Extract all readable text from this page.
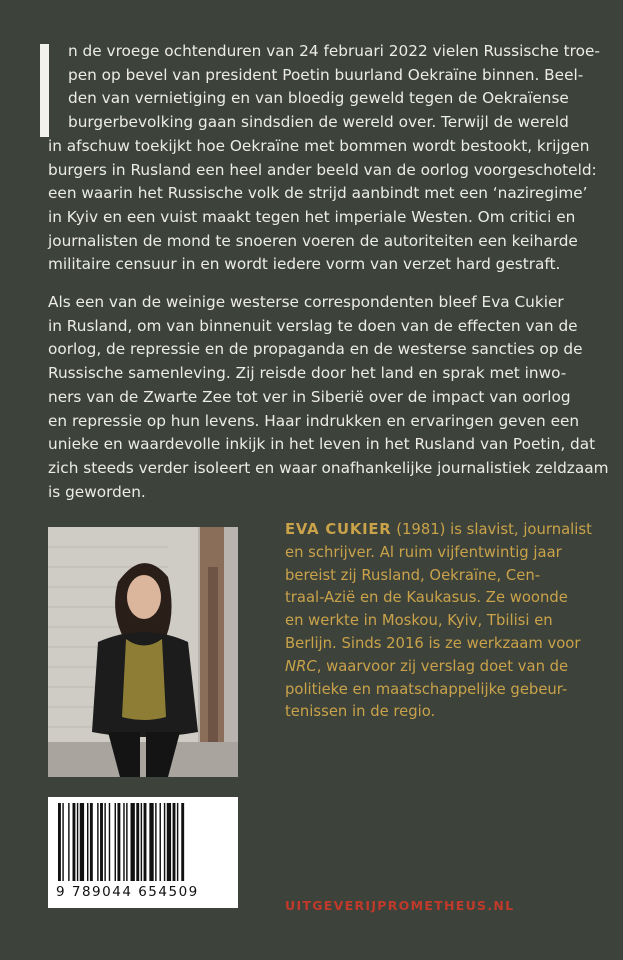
n de vroege ochtenduren van 24 februari 2022 vielen Russische troe-
pen op bevel van president Poetin buurland Oekraïne binnen. Beel-
den van vernietiging en van bloedig geweld tegen de Oekraïense
burgerbevolking gaan sindsdien de wereld over. Terwijl de wereld
in afschuw toekijkt hoe Oekraïne met bommen wordt bestookt, krijgen
burgers in Rusland een heel ander beeld van de oorlog voorgeschoteld:
een waarin het Russische volk de strijd aanbindt met een ‘naziregime’
in Kyiv en een vuist maakt tegen het imperiale Westen. Om critici en
journalisten de mond te snoeren voeren de autoriteiten een keiharde
militaire censuur in en wordt iedere vorm van verzet hard gestraft.

Als een van de weinige westerse correspondenten bleef Eva Cukier
in Rusland, om van binnenuit verslag te doen van de effecten van de
oorlog, de repressie en de propaganda en de westerse sancties op de
Russische samenleving. Zij reisde door het land en sprak met inwo-
ners van de Zwarte Zee tot ver in Siberië over de impact van oorlog
en repressie op hun levens. Haar indrukken en ervaringen geven een
unieke en waardevolle inkijk in het leven in het Rusland van Poetin, dat
zich steeds verder isoleert en waar onafhankelijke journalistiek zeldzaam
is geworden.

EVA CUKIER (1981) is slavist, journalist
en schrijver. Al ruim vijfentwintig jaar
bereist zij Rusland, Oekraïne, Cen-
traal-Azië en de Kaukasus. Ze woonde
en werkte in Moskou, Kyiv, Tbilisi en
Berlijn. Sinds 2016 is ze werkzaam voor
NRC, waarvoor zij verslag doet van de
politieke en maatschappelijke gebeur-
tenissen in de regio.
9 789044 654509
UITGEVERIJPROMETHEUS.NL
